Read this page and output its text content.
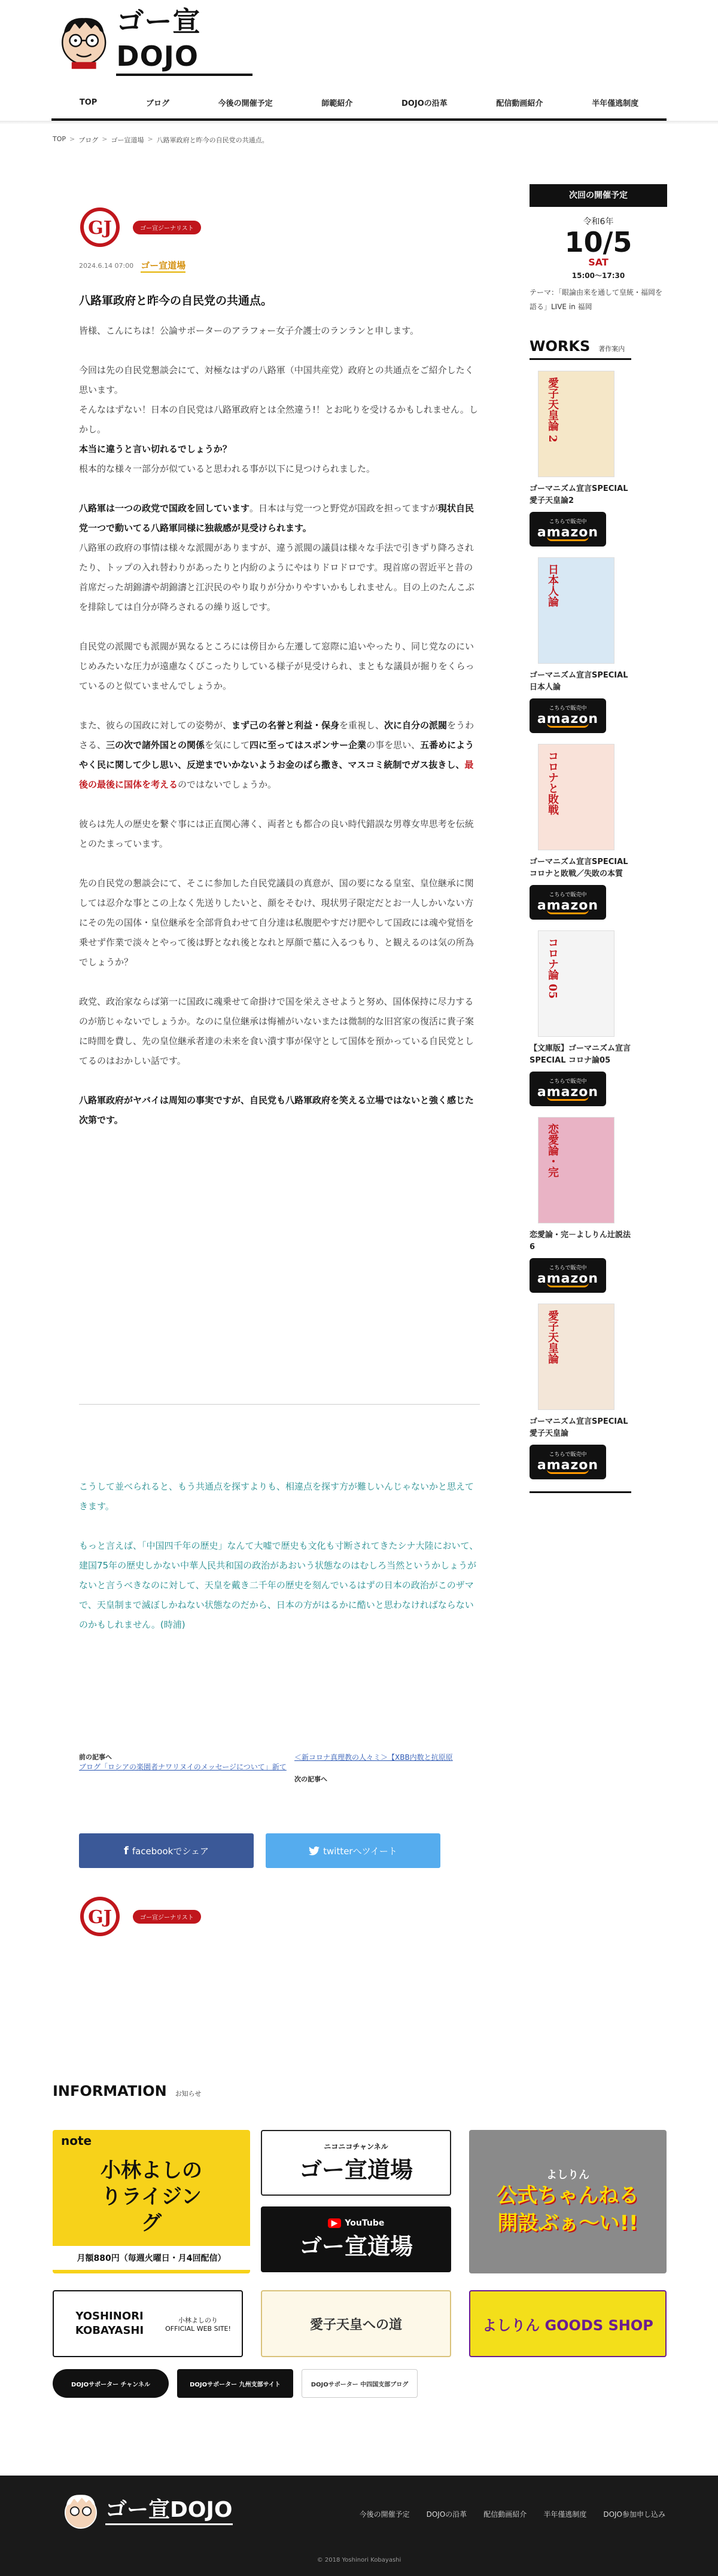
ゴー宣DOJO
TOP	ブログ	今後の開催予定	師範紹介	DOJOの沿革	配信動画紹介	半年僅逃制度
TOP > ブログ > ゴー宣道場 > 八路軍政府と昨今の自民党の共通点。
GJ	ゴー宣ジーナリスト
2024.6.14 07:00 ゴー宣道場
八路軍政府と昨今の自民党の共通点。

皆様、こんにちは！公論サポーターのアラフォー女子介護士のランランと申します。

今回は先の自民党懇談会にて、対極なはずの八路軍（中国共産党）政府との共通点をご紹介したく思います。
そんなはずない！日本の自民党は八路軍政府とは全然違う!！とお叱りを受けるかもしれません。しかし。
本当に違うと言い切れるでしょうか？
根本的な様々一部分が似ていると思われる事が以下に見つけられました。

八路軍は一つの政党で国政を回しています。日本は与党一つと野党が国政を担ってますが現状自民党一つで動いてる八路軍同様に独裁感が見受けられます。
八路軍の政府の事情は様々な派閥がありますが、違う派閥の議員は様々な手法で引きずり降ろされたり、トップの入れ替わりがあったりと内紛のようにやはりドロドロです。現首席の習近平と昔の首席だった胡錦濤や胡錦濤と江沢民のやり取りが分かりやすいかもしれません。目の上のたんこぶを排除しては自分が降ろされるの繰り返しです。

自民党の派閥でも派閥が異なるところには傍目から左遷して窓際に追いやったり、同じ党なのにいじめみたいな圧力が遠慮なくびこったりしている様子が見受けられ、まともな議員が掘りをくらっているのと似ていませんでしょうか。

また、彼らの国政に対しての姿勢が、まず己の名誉と利益・保身を重視し、次に自分の派閥をうわさる、三の次で諸外国との関係を気にして四に至ってはスポンサー企業の事を思い、五番めにようやく民に関して少し思い、反逆までいかないようお金のばら撒き、マスコミ統制でガス抜きし、最後の最後に国体を考えるのではないでしょうか。

彼らは先人の歴史を繋ぐ事には正直関心薄く、両者とも都合の良い時代錯誤な男尊女卑思考を伝統とのたまっています。

先の自民党の懇談会にて、そこに参加した自民党議員の真意が、国の要になる皇室、皇位継承に関しては忍介な事とこの上なく先送りしたいと、顔をそむけ、現状男子限定だとお一人しかいない方にその先の国体・皇位継承を全部背負わせて自分達は私腹肥やすだけ肥やして国政には魂や覚悟を乗せず作業で淡々とやって後は野となれ後となれと厚顔で墓に入るつもり、と観えるのは気の所為でしょうか？

政党、政治家ならば第一に国政に魂乗せて命掛けで国を栄えさせようと努め、国体保持に尽力するのが筋じゃないでしょうか。なのに皇位継承は悔補がいないまたは微制的な旧宮家の復活に貴子案に時間を費し、先の皇位継承者達の未来を食い潰す事が保守として国体を預かっている自民党としてるのはおかしい話です。

八路軍政府がヤバイは周知の事実ですが、自民党も八路軍政府を笑える立場ではないと強く感じた次第です。

こうして並べられると、もう共通点を探すよりも、相違点を探す方が難しいんじゃないかと思えてきます。

もっと言えば、「中国四千年の歴史」なんて大嘘で歴史も文化も寸断されてきたシナ大陸において、建国75年の歴史しかない中華人民共和国の政治があおいう状態なのはむしろ当然というかしょうがないと言うべきなのに対して、天皇を戴き二千年の歴史を刻んでいるはずの日本の政治がこのザマで、天皇制まで滅ぼしかねない状態なのだから、日本の方がはるかに酷いと思わなければならないのかもしれません。(時浦)

前の記事へ
ブログ「ロシアの楽園者ナワリヌイのメッセージについて」新て
＜新コロナ真理教の人々ミ＞【XBB内数と抗原原
次の記事へ
f facebookでシェア	twitterへツイート
GJ	ゴー宣ジーナリスト
次回の開催予定
令和6年
10/5
SAT
15:00〜17:30
テーマ：「眼論由来を通して皇統・福岡を語る」LIVE in 福岡
WORKS 著作案内
愛子天皇論 2
ゴーマニズム宣言SPECIAL 愛子天皇論2
こちらで販売中
amazon
日本人論
ゴーマニズム宣言SPECIAL 日本人論
こちらで販売中
amazon
コロナと敗戦
ゴーマニズム宣言SPECIAL コロナと敗戦／失敗の本質
こちらで販売中
amazon
コロナ論 05
【文庫版】ゴーマニズム宣言SPECIAL コロナ論05
こちらで販売中
amazon
恋愛論・完
恋愛論・完－よしりん辻説法6
こちらで販売中
amazon
愛子天皇論
ゴーマニズム宣言SPECIAL 愛子天皇論
こちらで販売中
amazon
INFORMATION お知らせ
note
小林よしのりライジング
月額880円（毎週火曜日・月4回配信）
ニコニコチャンネル
ゴー宣道場
▶ YouTube
ゴー宣道場
よしりん
公式ちゃんねる 開設ぶぁ〜い!!
YOSHINORI KOBAYASHI
小林よしのり OFFICIAL WEB SITE!	愛子天皇への道	よしりん GOODS SHOP
DOJOサポーター チャンネル	DOJOサポーター 九州支部サイト	DOJOサポーター 中四国支部ブログ
ゴー宣DOJO	今後の開催予定 DOJOの沿革 配信動画紹介 半年僅逃制度 DOJO参加申し込み
© 2018 Yoshinori Kobayashi
